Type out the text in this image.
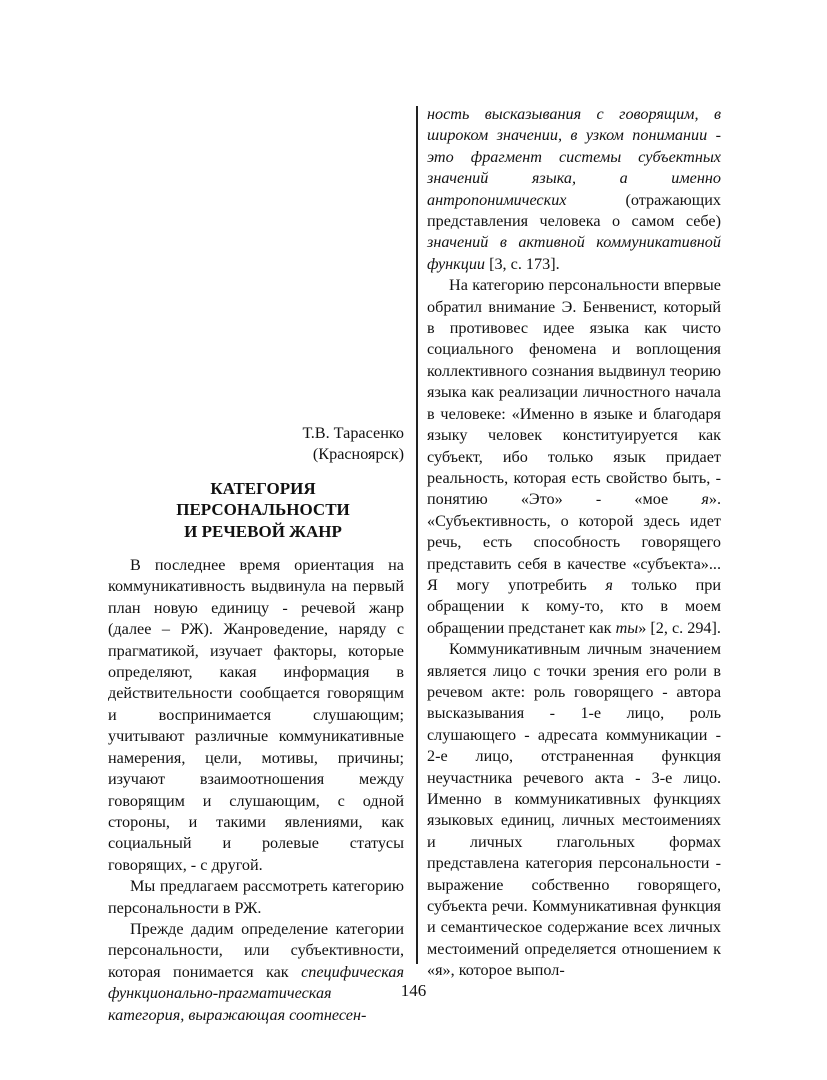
Т.В. Тарасенко
(Красноярск)
КАТЕГОРИЯ
ПЕРСОНАЛЬНОСТИ
И РЕЧЕВОЙ ЖАНР

В последнее время ориентация на коммуникативность выдвинула на первый план новую единицу - речевой жанр (далее – РЖ). Жанроведение, наряду с прагматикой, изучает факторы, которые определяют, какая информация в действительности сообщается говорящим и воспринимается слушающим; учитывают различные коммуникативные намерения, цели, мотивы, причины; изучают взаимоотношения между говорящим и слушающим, с одной стороны, и такими явлениями, как социальный и ролевые статусы говорящих, - с другой.

Мы предлагаем рассмотреть категорию персональности в РЖ.

Прежде дадим определение категории персональности, или субъективности, которая понимается как специфическая функционально-прагматическая категория, выражающая соотнесен-

ность высказывания с говорящим, в широком значении, в узком понимании - это фрагмент системы субъектных значений языка, а именно антропонимических (отражающих представления человека о самом себе) значений в активной коммуникативной функции [3, с. 173].

На категорию персональности впервые обратил внимание Э. Бенвенист, который в противовес идее языка как чисто социального феномена и воплощения коллективного сознания выдвинул теорию языка как реализации личностного начала в человеке: «Именно в языке и благодаря языку человек конституируется как субъект, ибо только язык придает реальность, которая есть свойство быть, - понятию «Это» - «мое я». «Субъективность, о которой здесь идет речь, есть способность говорящего представить себя в качестве «субъекта»... Я могу употребить я только при обращении к кому-то, кто в моем обращении предстанет как ты» [2, с. 294].

Коммуникативным личным значением является лицо с точки зрения его роли в речевом акте: роль говорящего - автора высказывания - 1-е лицо, роль слушающего - адресата коммуникации - 2-е лицо, отстраненная функция неучастника речевого акта - 3-е лицо. Именно в коммуникативных функциях языковых единиц, личных местоимениях и личных глагольных формах представлена категория персональности - выражение собственно говорящего, субъекта речи. Коммуникативная функция и семантическое содержание всех личных местоимений определяется отношением к «я», которое выпол-

146
